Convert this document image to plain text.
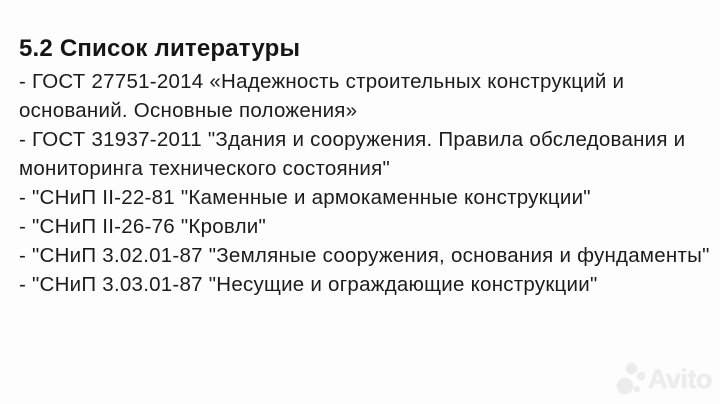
5.2 Список литературы
- ГОСТ 27751-2014 «Надежность строительных конструкций и
оснований. Основные положения»
- ГОСТ 31937-2011 "Здания и сооружения. Правила обследования и
мониторинга технического состояния"
- "СНиП II-22-81 "Каменные и армокаменные конструкции"
- "СНиП II-26-76 "Кровли"
- "СНиП 3.02.01-87 "Земляные сооружения, основания и фундаменты"
- "СНиП 3.03.01-87 "Несущие и ограждающие конструкции"
Avito
